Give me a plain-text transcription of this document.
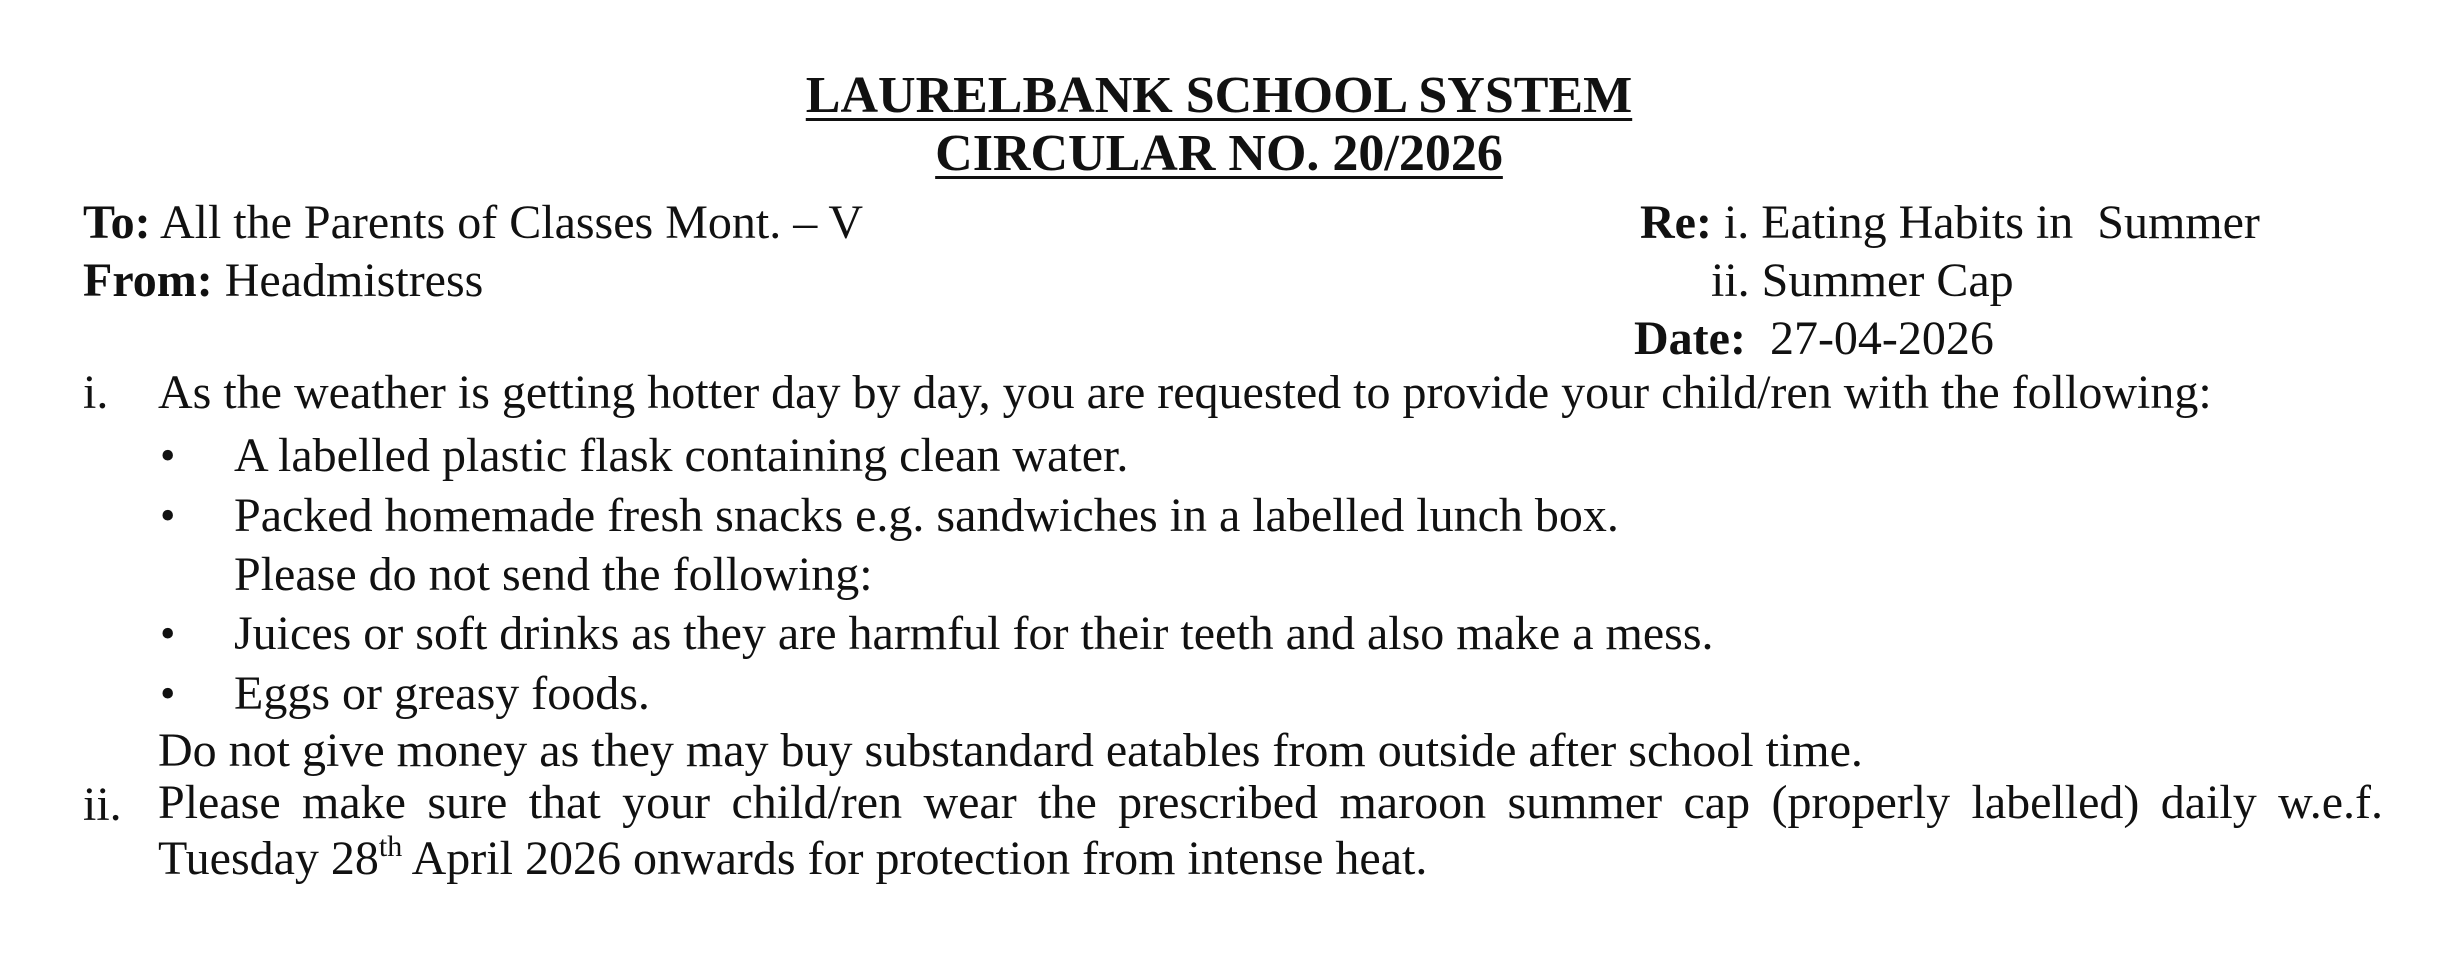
LAURELBANK SCHOOL SYSTEM
CIRCULAR NO. 20/2026
To: All the Parents of Classes Mont. – V
From: Headmistress
Re: i. Eating Habits in  Summer
ii. Summer Cap
Date:  27-04-2026
i. As the weather is getting hotter day by day, you are requested to provide your child/ren with the following:
•	A labelled plastic flask containing clean water.
•	Packed homemade fresh snacks e.g. sandwiches in a labelled lunch box.
Please do not send the following:
•	Juices or soft drinks as they are harmful for their teeth and also make a mess.
•	Eggs or greasy foods.
Do not give money as they may buy substandard eatables from outside after school time.
ii. Please make sure that your child/ren wear the prescribed maroon summer cap (properly labelled) daily w.e.f.
Tuesday 28th April 2026 onwards for protection from intense heat.
